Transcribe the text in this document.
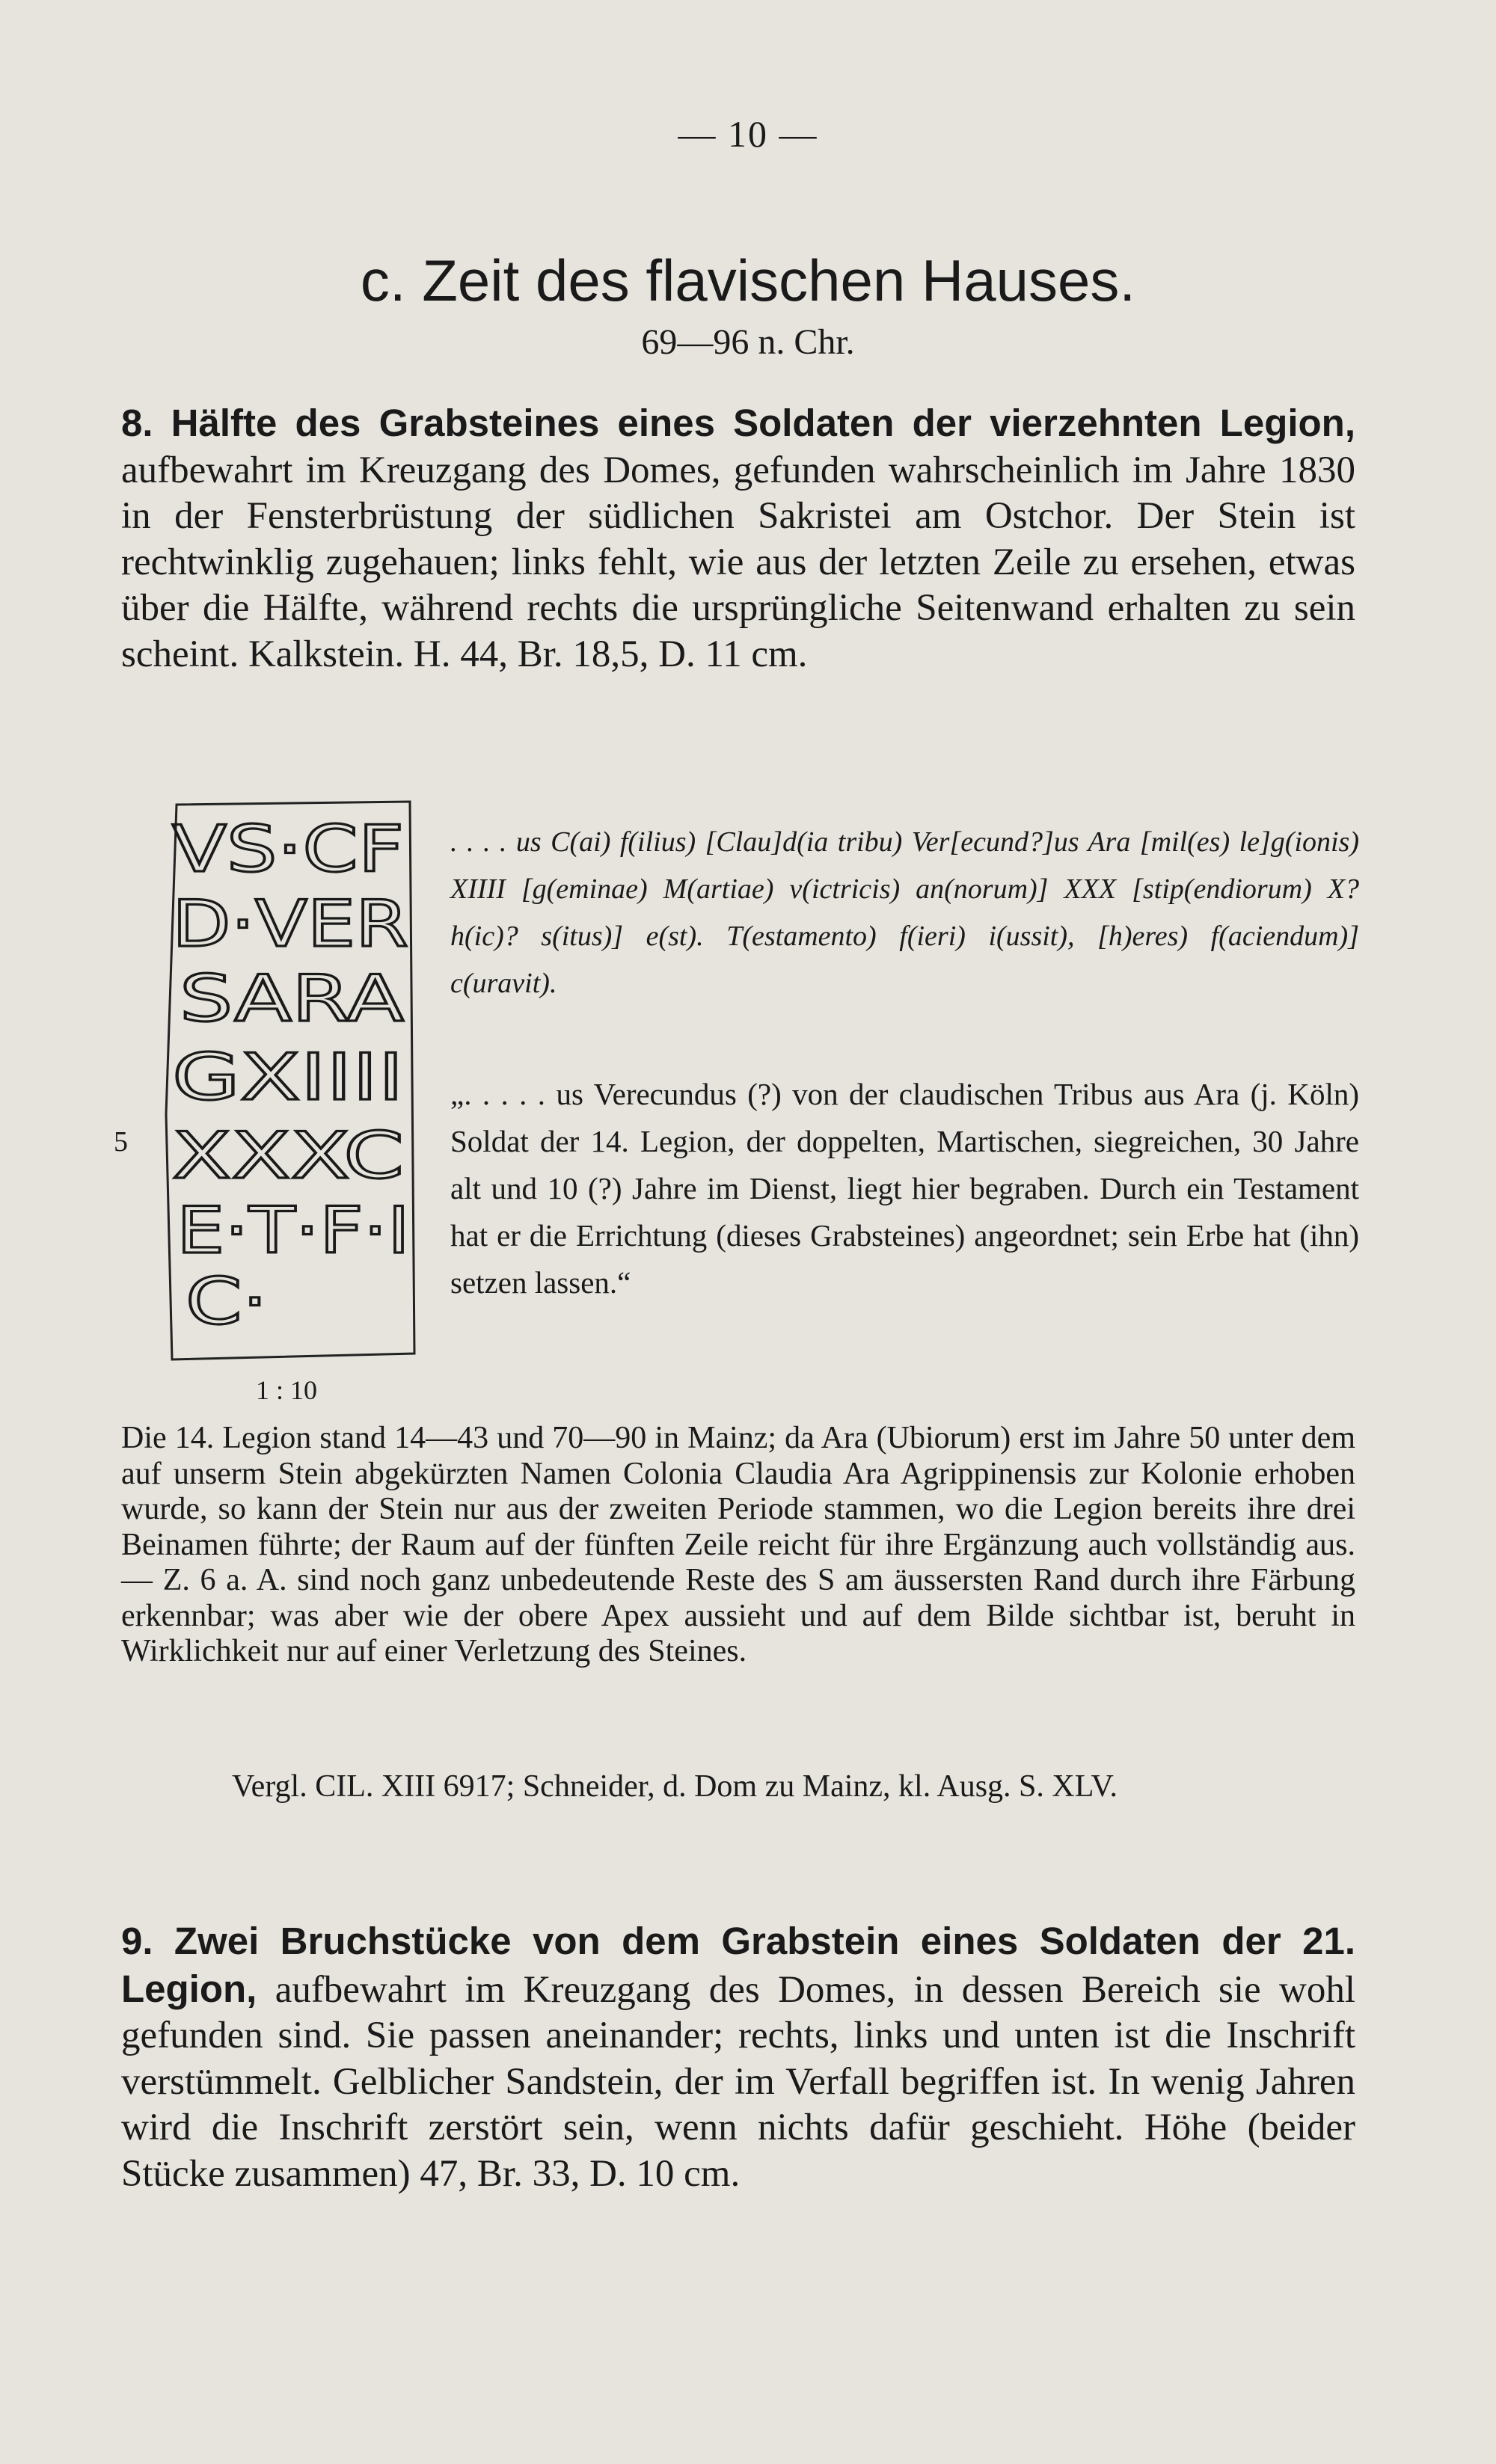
— 10 —
c. Zeit des flavischen Hauses.
69—96 n. Chr.
8. Hälfte des Grabsteines eines Soldaten der vierzehnten Legion, aufbewahrt im Kreuzgang des Domes, gefunden wahrscheinlich im Jahre 1830 in der Fensterbrüstung der südlichen Sakristei am Ostchor. Der Stein ist rechtwinklig zugehauen; links fehlt, wie aus der letzten Zeile zu ersehen, etwas über die Hälfte, während rechts die ursprüngliche Seitenwand erhalten zu sein scheint. Kalkstein. H. 44, Br. 18,5, D. 11 cm.
VS·CF
D·VER
SARA
GXIIII
XXXC
E·T·F·I
C·
5
1 : 10
. . . . us C(ai) f(ilius) [Clau]d(ia tribu) Ver[ecund?]us Ara [mil(es) le]g(ionis) XIIII [g(eminae) M(artiae) v(ictricis) an(norum)] XXX [stip(endiorum) X? h(ic)? s(itus)] e(st). T(estamento) f(ieri) i(ussit), [h)eres) f(aciendum)] c(uravit).
„. . . . . us Verecundus (?) von der claudischen Tribus aus Ara (j. Köln) Soldat der 14. Legion, der doppelten, Martischen, siegreichen, 30 Jahre alt und 10 (?) Jahre im Dienst, liegt hier begraben. Durch ein Testament hat er die Errichtung (dieses Grabsteines) angeordnet; sein Erbe hat (ihn) setzen lassen.“
Die 14. Legion stand 14—43 und 70—90 in Mainz; da Ara (Ubiorum) erst im Jahre 50 unter dem auf unserm Stein abgekürzten Namen Colonia Claudia Ara Agrippinensis zur Kolonie erhoben wurde, so kann der Stein nur aus der zweiten Periode stammen, wo die Legion bereits ihre drei Beinamen führte; der Raum auf der fünften Zeile reicht für ihre Ergänzung auch vollständig aus. — Z. 6 a. A. sind noch ganz unbedeutende Reste des S am äussersten Rand durch ihre Färbung erkennbar; was aber wie der obere Apex aussieht und auf dem Bilde sichtbar ist, beruht in Wirklichkeit nur auf einer Verletzung des Steines.
Vergl. CIL. XIII 6917; Schneider, d. Dom zu Mainz, kl. Ausg. S. XLV.
9. Zwei Bruchstücke von dem Grabstein eines Soldaten der 21. Legion, aufbewahrt im Kreuzgang des Domes, in dessen Bereich sie wohl gefunden sind. Sie passen aneinander; rechts, links und unten ist die Inschrift verstümmelt. Gelblicher Sandstein, der im Verfall begriffen ist. In wenig Jahren wird die Inschrift zerstört sein, wenn nichts dafür geschieht. Höhe (beider Stücke zusammen) 47, Br. 33, D. 10 cm.
